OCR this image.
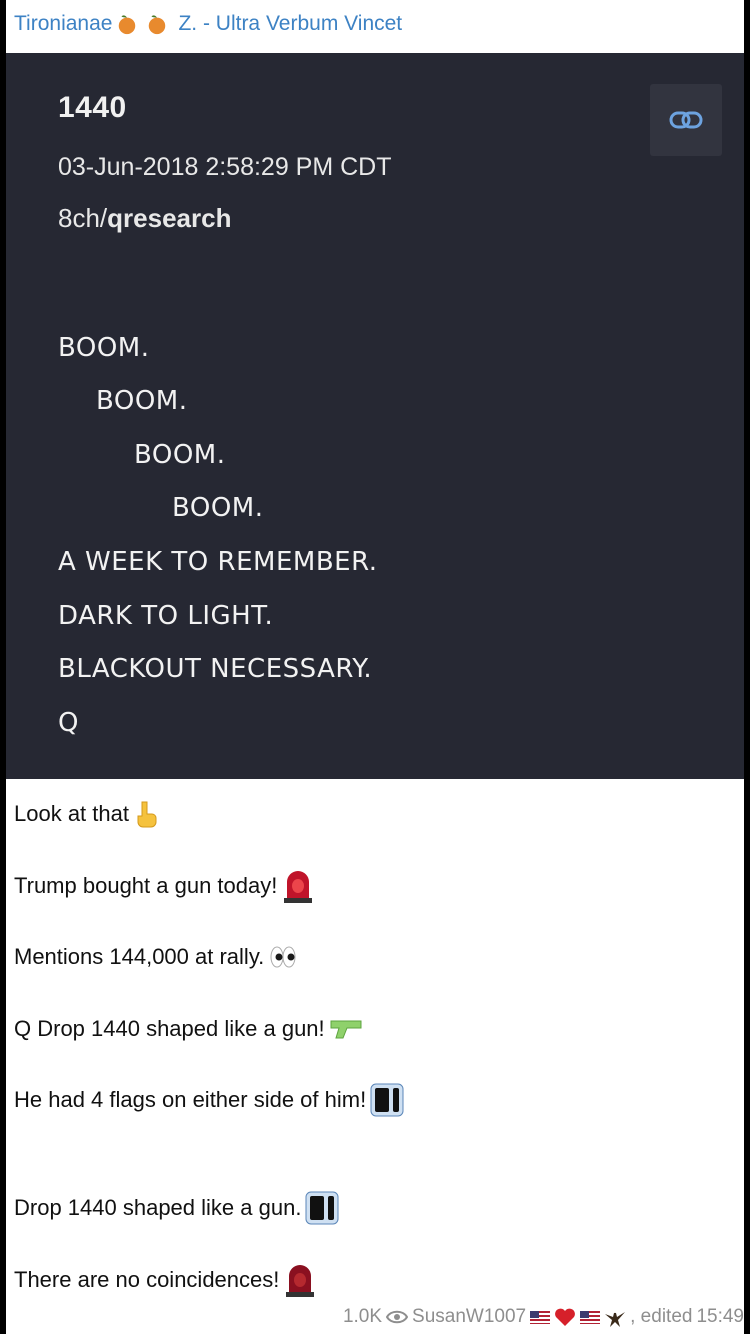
Tironianae	Z. - Ultra Verbum Vincet
1440
03-Jun-2018 2:58:29 PM CDT
8ch/qresearch
BOOM.
BOOM.
BOOM.
BOOM.
A WEEK TO REMEMBER.
DARK TO LIGHT.
BLACKOUT NECESSARY.
Q
Look at that
Trump bought a gun today!
Mentions 144,000 at rally.
Q Drop 1440 shaped like a gun!
He had 4 flags on either side of him!
Drop 1440 shaped like a gun.
There are no coincidences!
1.0K SusanW1007	, edited 15:49
